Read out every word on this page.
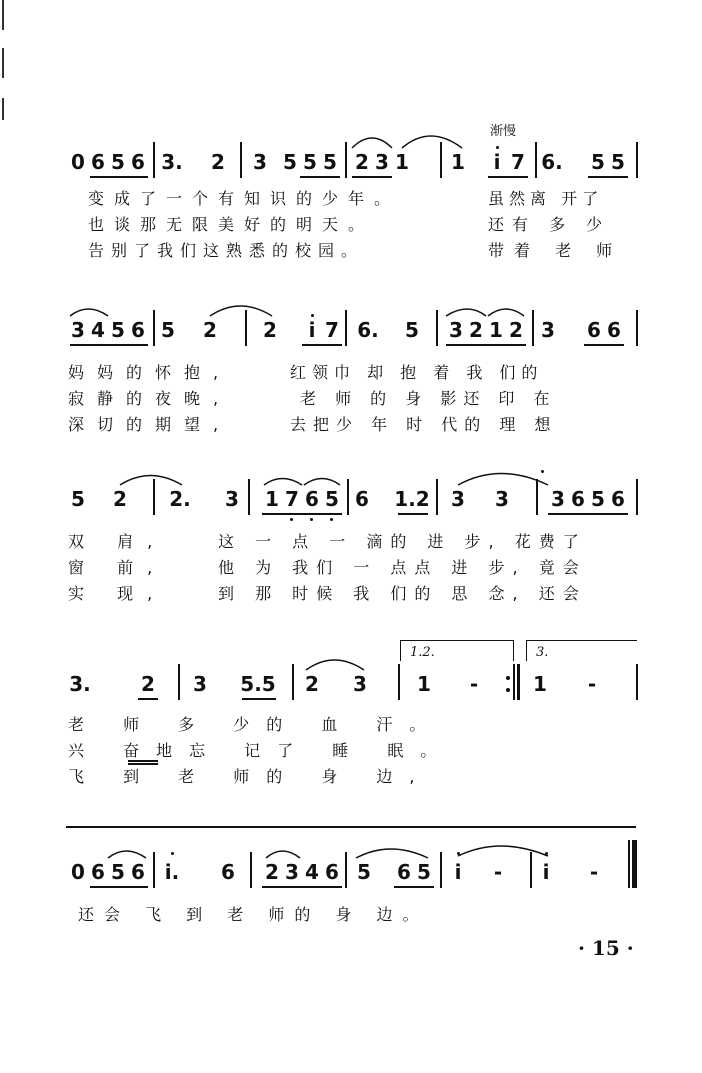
渐慢
0 6 5 6 3. 2 3 5 5 5 2 3 1 1 i 7 6. 5 5
变成了一个有知识的少年。
也谈那无限美好的明天。
告别了我们这熟悉的校园。
虽然离 开了
还有 多 少
带着 老 师
3 4 5 6 5 2 2 i 7 6. 5 3 2 1 2 3 6 6
妈妈的怀抱,
寂静的夜晚,
深切的期望,
红领巾 却 抱 着 我 们的
老 师 的 身 影还 印 在
去把少 年 时 代的 理 想
5 2 2. 3 1 7 6 5 6 1.2 3 3 3 6 5 6
双 肩,
窗 前,
实 现,
这 一 点 一 滴的 进 步, 花费了
他 为 我们 一 点点 进 步, 竟会
到 那 时候 我 们的 思 念, 还会
1.2.	3.
3.	2 3 5.5 2 3	1 -	1 -
老 师 多 少的 血 汗。
兴 奋地忘 记了 睡 眠。
飞 到 老 师的 身 边,
0 6 5 6 i. 6 2 3 4 6 5 6 5 i - i -
还会 飞 到 老 师的 身 边。
· 15 ·
